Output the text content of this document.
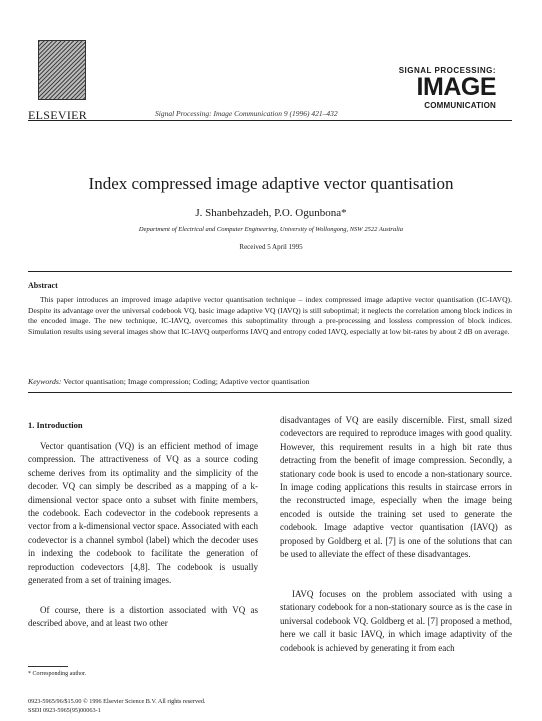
ELSEVIER	Signal Processing: Image Communication 9 (1996) 421–432
SIGNAL PROCESSING:
IMAGE
COMMUNICATION
Index compressed image adaptive vector quantisation
J. Shanbehzadeh, P.O. Ogunbona*
Department of Electrical and Computer Engineering, University of Wollongong, NSW 2522 Australia
Received 5 April 1995
Abstract
This paper introduces an improved image adaptive vector quantisation technique – index compressed image adaptive vector quantisation (IC-IAVQ). Despite its advantage over the universal codebook VQ, basic image adaptive VQ (IAVQ) is still suboptimal; it neglects the correlation among block indices in the encoded image. The new technique, IC-IAVQ, overcomes this suboptimality through a pre-processing and lossless compression of block indices. Simulation results using several images show that IC-IAVQ outperforms IAVQ and entropy coded IAVQ, especially at low bit-rates by about 2 dB on average.
Keywords: Vector quantisation; Image compression; Coding; Adaptive vector quantisation
1. Introduction
Vector quantisation (VQ) is an efficient method of image compression. The attractiveness of VQ as a source coding scheme derives from its optimality and the simplicity of the decoder. VQ can simply be described as a mapping of a k-dimensional vector space onto a subset with finite members, the codebook. Each codevector in the codebook represents a vector from a k-dimensional vector space. Associated with each codevector is a channel symbol (label) which the decoder uses in indexing the codebook to facilitate the generation of reproduction codevectors [4,8]. The codebook is usually generated from a set of training images.
Of course, there is a distortion associated with VQ as described above, and at least two other
disadvantages of VQ are easily discernible. First, small sized codevectors are required to reproduce images with good quality. However, this requirement results in a high bit rate thus detracting from the benefit of image compression. Secondly, a stationary code book is used to encode a non-stationary source. In image coding applications this results in staircase errors in the reconstructed image, especially when the image being encoded is outside the training set used to generate the codebook. Image adaptive vector quantisation (IAVQ) as proposed by Goldberg et al. [7] is one of the solutions that can be used to alleviate the effect of these disadvantages.
IAVQ focuses on the problem associated with using a stationary codebook for a non-stationary source as is the case in universal codebook VQ. Goldberg et al. [7] proposed a method, here we call it basic IAVQ, in which image adaptivity of the codebook is achieved by generating it from each
* Corresponding author.
0923-5965/96/$15.00 © 1996 Elsevier Science B.V. All rights reserved.
SSDI 0923-5965(95)00063-1
